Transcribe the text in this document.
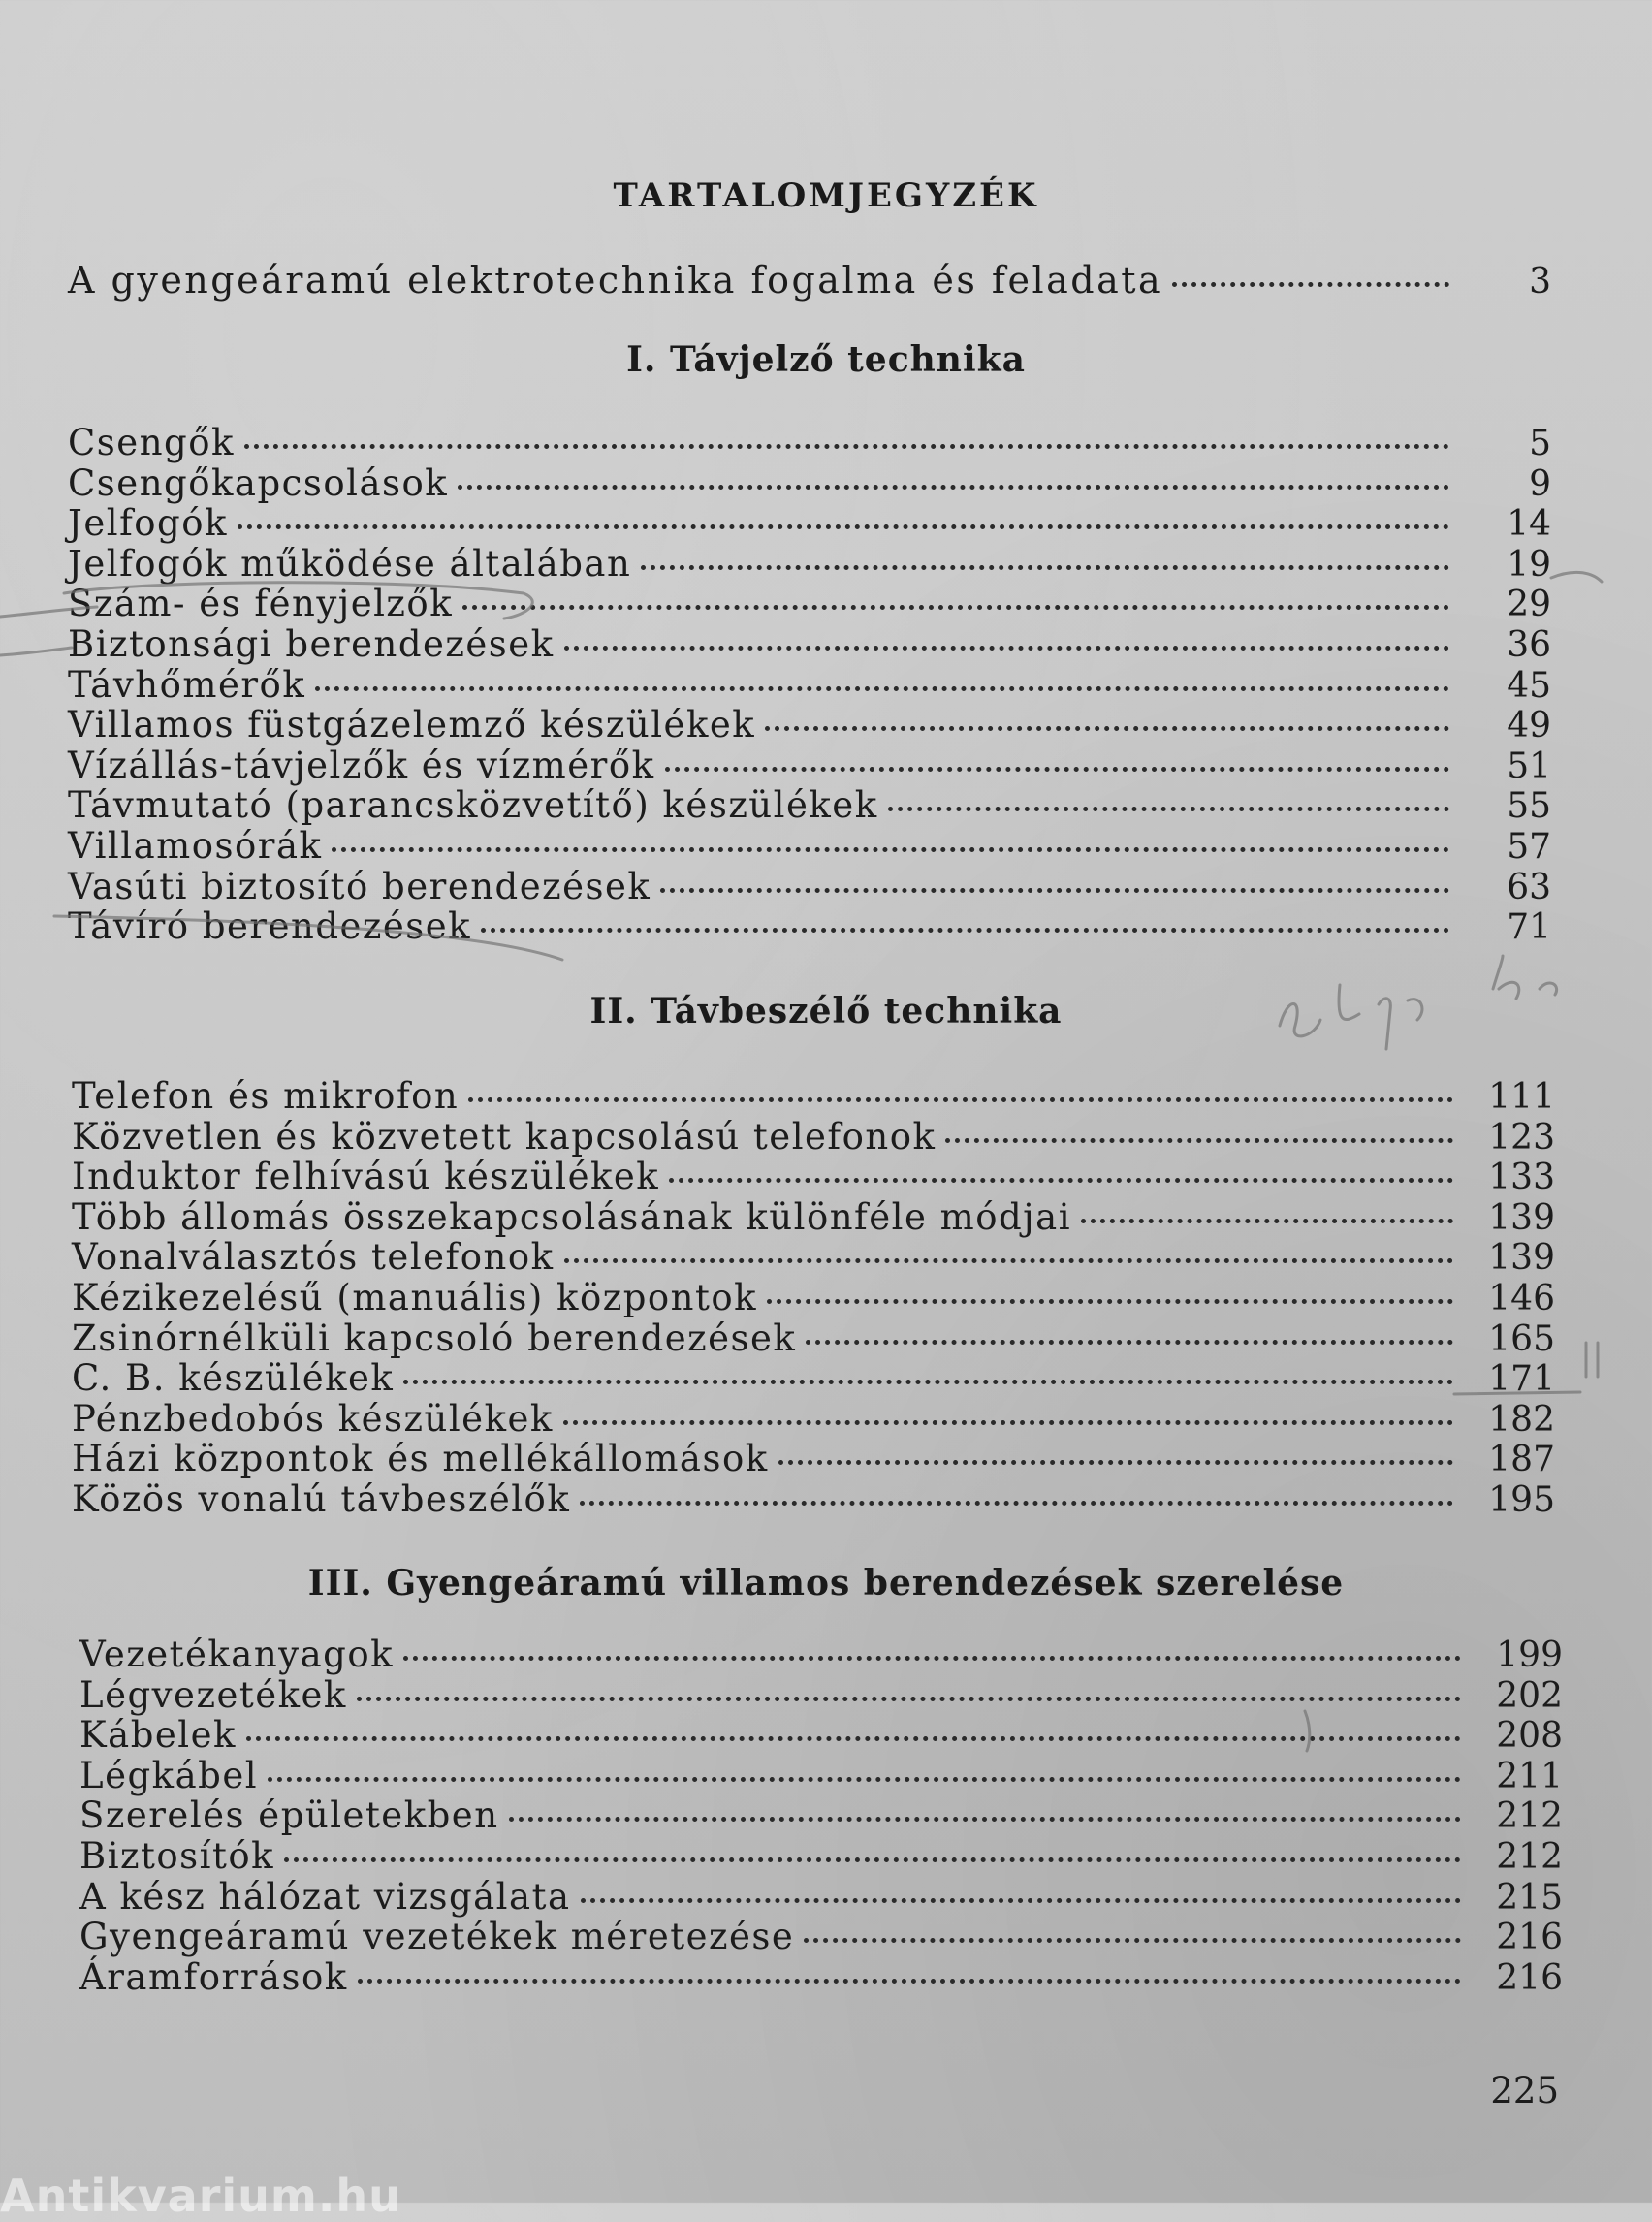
TARTALOMJEGYZÉK
A gyengeáramú elektrotechnika fogalma és feladata	3
I. Távjelző technika
Csengők	5
Csengőkapcsolások	9
Jelfogók	14
Jelfogók működése általában	19
Szám- és fényjelzők	29
Biztonsági berendezések	36
Távhőmérők	45
Villamos füstgázelemző készülékek	49
Vízállás-távjelzők és vízmérők	51
Távmutató (parancsközvetítő) készülékek	55
Villamosórák	57
Vasúti biztosító berendezések	63
Távíró berendezések	71
II. Távbeszélő technika
Telefon és mikrofon	111
Közvetlen és közvetett kapcsolású telefonok	123
Induktor felhívású készülékek	133
Több állomás összekapcsolásának különféle módjai	139
Vonalválasztós telefonok	139
Kézikezelésű (manuális) központok	146
Zsinórnélküli kapcsoló berendezések	165
C. B. készülékek	171
Pénzbedobós készülékek	182
Házi központok és mellékállomások	187
Közös vonalú távbeszélők	195
III. Gyengeáramú villamos berendezések szerelése
Vezetékanyagok	199
Légvezetékek	202
Kábelek	208
Légkábel	211
Szerelés épületekben	212
Biztosítók	212
A kész hálózat vizsgálata	215
Gyengeáramú vezetékek méretezése	216
Áramforrások	216
225
Antikvarium.hu
